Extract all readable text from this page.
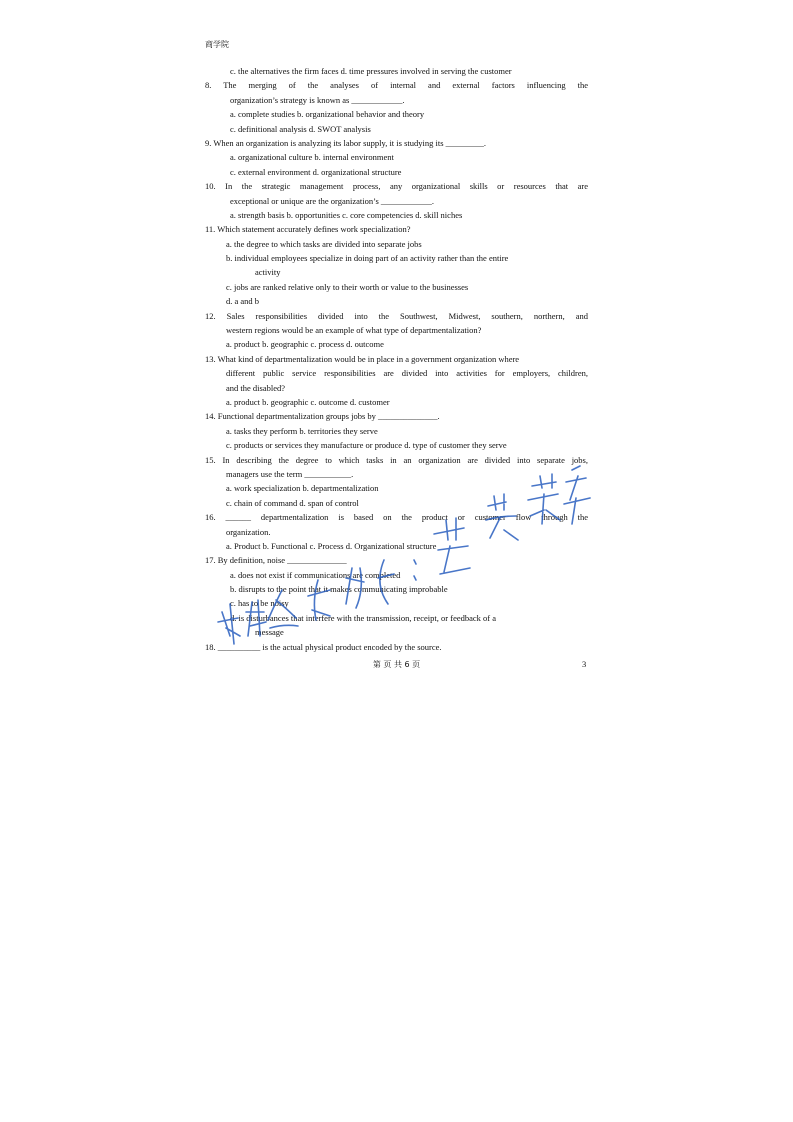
商学院
c. the alternatives the firm faces d. time pressures involved in serving the customer
8. The merging of the analyses of internal and external factors influencing the
organization’s strategy is known as ____________.
a. complete studies b. organizational behavior and theory
c. definitional analysis d. SWOT analysis
9. When an organization is analyzing its labor supply, it is studying its _________.
a. organizational culture b. internal environment
c. external environment d. organizational structure
10. In the strategic management process, any organizational skills or resources that are
exceptional or unique are the organization’s ____________.
a. strength basis b. opportunities c. core competencies d. skill niches
11. Which statement accurately defines work specialization?
a. the degree to which tasks are divided into separate jobs
b. individual employees specialize in doing part of an activity rather than the entire
activity
c. jobs are ranked relative only to their worth or value to the businesses
d. a and b
12. Sales responsibilities divided into the Southwest, Midwest, southern, northern, and
western regions would be an example of what type of departmentalization?
a. product b. geographic c. process d. outcome
13. What kind of departmentalization would be in place in a government organization where
different public service responsibilities are divided into activities for employers, children,
and the disabled?
a. product b. geographic c. outcome d. customer
14. Functional departmentalization groups jobs by ______________.
a. tasks they perform b. territories they serve
c. products or services they manufacture or produce d. type of customer they serve
15. In describing the degree to which tasks in an organization are divided into separate jobs,
managers use the term ___________.
a. work specialization b. departmentalization
c. chain of command d. span of control
16. ______ departmentalization is based on the product or customer flow through the
organization.
a. Product b. Functional c. Process d. Organizational structure
17. By definition, noise ______________
a. does not exist if communications are completed
b. disrupts to the point that it makes communicating improbable
c. has to be noisy
d. is disturbances that interfere with the transmission, receipt, or feedback of a
message
18. __________ is the actual physical product encoded by the source.
第 页 共 6 页	3
